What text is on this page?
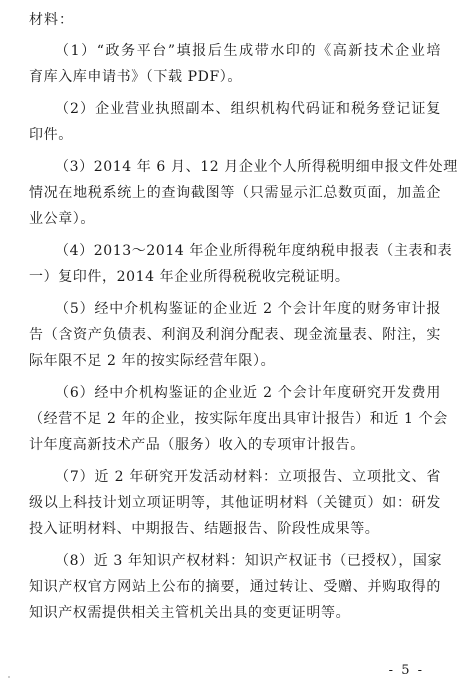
材料：
（1）“政务平台”填报后生成带水印的《高新技术企业培
育库入库申请书》（下载 PDF）。
（2）企业营业执照副本、组织机构代码证和税务登记证复
印件。
（3）2014 年 6 月、12 月企业个人所得税明细申报文件处理
情况在地税系统上的查询截图等（只需显示汇总数页面，加盖企
业公章）。
（4）2013～2014 年企业所得税年度纳税申报表（主表和表
一）复印件，2014 年企业所得税税收完税证明。
（5）经中介机构鉴证的企业近 2 个会计年度的财务审计报
告（含资产负债表、利润及利润分配表、现金流量表、附注，实
际年限不足 2 年的按实际经营年限）。
（6）经中介机构鉴证的企业近 2 个会计年度研究开发费用
（经营不足 2 年的企业，按实际年度出具审计报告）和近 1 个会
计年度高新技术产品（服务）收入的专项审计报告。
（7）近 2 年研究开发活动材料：立项报告、立项批文、省
级以上科技计划立项证明等，其他证明材料（关键页）如：研发
投入证明材料、中期报告、结题报告、阶段性成果等。
（8）近 3 年知识产权材料：知识产权证书（已授权），国家
知识产权官方网站上公布的摘要，通过转让、受赠、并购取得的
知识产权需提供相关主管机关出具的变更证明等。
- 5 -
